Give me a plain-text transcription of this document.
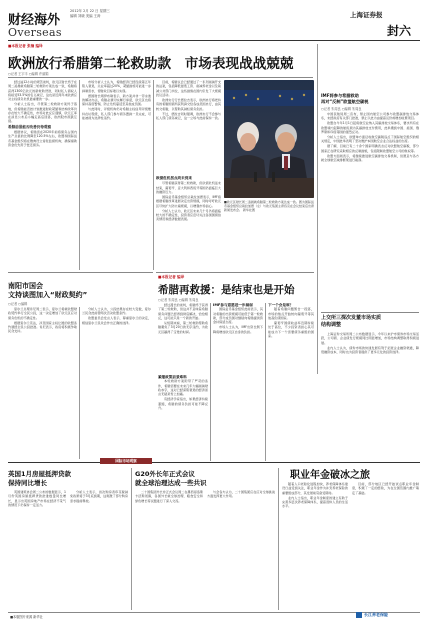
财经海外
Overseas
2012年 2月 22 日 星期三
编辑 刘晓 美编 王涛	上海证券报
封六
■本报记者 张楠 编译
欧洲放行希腊第二轮救助款　市场表现战战兢兢
○记者 王宇丰 ○编辑 许丽娟

经过逾12小时的艰苦谈判，欧元区财长终于在周二凌晨就希腊第二轮救助方案达成一致，希腊将获得1300亿欧元的新救助贷款，同时私人债权人将接受53.5%的名义减记，这也是近两年来欧洲应对主权债务危机最重要的一步。

分析人士指出，尽管第二轮救助方案终于落地，但希腊能否按计划推进财政紧缩和结构改革仍存在较大不确定性，市场对此反应谨慎，欧元汇率在消息公布后小幅走高后回落，欧洲股市涨跌互现。

希腊前景能否改善仍待观察

根据协议，希腊需在2020年前将债务占国内生产总值的比例降至120.5%左右，欧盟和国际货币基金组织将在雅典设立常驻监督机构，确保援助资金优先用于偿还债务。

市场分析人士认为，希腊经济已经连续第五年陷入衰退，失业率超过20%，紧缩措施可能进一步抑制需求，使财政目标难以实现。

德国财长朔伊布勒表示，新方案并非一劳永逸的解决办法，希腊必须切实履行承诺，欧元区也将保持高度警惕，防止危机蔓延至其他成员国。

与此同时，评级机构仍对希腊主权信用评级维持在垃圾级，私人部门参与债务置换一旦完成，可能被视为选择性违约。

目前，希腊议会已经通过了一系列削减开支的法案，包括降低最低工资、削减养老金以及裁减公共部门岗位，这些措施在国内引发了大规模抗议活动。

欧洲央行行长德拉吉表示，欧洲央行将把持有的希腊国债所获利润交给各成员国央行，由其转交希腊，以帮助其减轻债务负担。

不过，德拉吉同时强调，欧洲央行不会参与私人部门债务减记，这一立场与此前保持一致。

欧债危机拐点尚未到来

尽管希腊获得第二轮救助，但欧债危机远未结束，葡萄牙、意大利和西班牙等国仍面临巨大的融资压力。

国际货币基金组织总裁拉加德表示，IMF将根据希腊改革进展决定出资规模，同时呼吁欧元区尽快扩大防火墙规模，以增强市场信心。

分析人士认为，欧元区未来几个月仍将面临较大的不确定性，投资者应密切关注各国国债拍卖情况和经济数据表现。

■欧元区财长周二凌晨就希腊第二轮救助方案达成一致。图为国际货币基金组织总裁拉加德（左）与欧元集团主席容克在会议结束后出席新闻发布会。 新华社图
IMF将参与希腊救助
再对“反制”欧盟航空碳税
○记者 朱周良 ○编辑 朱周良

中国民航局周二宣布，禁止国内航空公司参与欧盟碳排放交易体系，未经政府有关部门批准，禁止以此为由提高运价或增加收费项目。

欧盟自今年1月1日起将航空业纳入其碳排放交易体系，要求所有在欧盟境内起降的航班须为其碳排放支付费用，此举遭到中国、美国、俄罗斯和印度等国的强烈反对。

分析人士指出，欧盟单方面征收航空碳税违反了国际航空组织的相关规定，中国此举表明了坚决维护本国航空企业合法权益的态度。

据了解，目前已有二十余个国家明确表态反对欧盟航空碳税，部分国家正在研究采取相应的反制措施，包括限制欧盟航空公司的航权等。

欧盟方面则表示，将继续推进航空碳排放交易机制，但愿意与各方就全球航空减排框架进行磋商。

上交所三探次发董市场实质
结构调整

上海证券交易所周二公布数据显示，今年以来沪市债券市场交易活跃，公司债、企业债发行规模同比明显增加，市场结构调整取得积极进展。

业内人士认为，债券市场的快速发展有利于拓宽企业融资渠道，降低融资成本，同时也为投资者提供了更多元化的投资选择。

■本报记者 编译
希腊再救援：是结束也是开始
○记者 朱周良 ○编辑 朱周良

经过漫长的谈判，希腊终于获得了第二轮救助，但这并不意味着希腊债务问题已经得到彻底解决，恰恰相反，这可能只是一个新的开始。

从短期来看，第二轮救助帮助希腊避免了3月20日的无序违约，为欧元区赢得了宝贵的时间。

紧缩政策前景难料

本轮救助方案附带了严苛的条件，希腊需要在未来几年大幅削减财政赤字，这对已经深陷衰退的经济而言无疑是雪上加霜。

有经济学家指出，如果经济持续萎缩，希腊的债务负担可能不降反升。

IMF参与意愿进一步减弱

国际货币基金组织此前表示，其对希腊的出资规模可能低于第一轮救助，部分成员国对继续向希腊提供资金持保留态度。

市场人士认为，IMF出资比例下降将增加欧元区自身的负担。

下一个会是谁？

随着希腊问题暂告一段落，市场的焦点开始转向葡萄牙等其他高负债国家。

葡萄牙国债收益率近期持续处于高位，不少投资者担心其可能成为下一个需要债务重组的国家。

南阳市国会
文持谈图加入“财政契约”
○记者 ○编辑

爱尔兰总理肯尼周二表示，爱尔兰将就欧盟财政契约举行全民公投，这一决定增加了欧元区应对债务危机的不确定性。

根据爱尔兰宪法，涉及国家主权让渡的欧盟条约须经全民公投批准。肯尼表示，政府将积极争取民众支持。

分析人士认为，公投结果存在较大变数，爱尔兰民众此前曾两次否决欧盟条约。

欧盟委员会发言人表示，尊重爱尔兰的决定，相信爱尔兰民众会作出正确的选择。

国际市场观察
英国1月房屋抵押贷款
保持同比增长

英国建筑协会周二公布的数据显示，1月份英国房屋抵押贷款批准数量同比增长，显示出英国房地产市场在经济不景气的情况下仍保持一定活力。

分析人士表示，首次购房者印花税减免政策将于3月底到期，这刺激了部分购房需求提前释放。

G20外长年正式会议
就全球治理达成一些共识

二十国集团外长非正式会议周二在墨西哥洛斯卡沃斯闭幕，各国外长就全球治理、粮食安全和绿色增长等议题进行了深入交流。

与会各方认为，二十国集团应在应对全球挑战方面发挥更大作用。

职业年金破冰之旅

随着人口老龄化进程加快，养老保障体系建设日益受到关注，职业年金作为补充养老保险的重要组成部分，其发展前景备受期待。

业内人士指出，职业年金制度的建立有助于完善多层次养老保障体系，提高退休人员的生活水平。

目前，部分地区已经开始试点职业年金制度，积累了一定的经验，为在全国范围内推广奠定了基础。

■本版图片来源 新华社	长江养老保险
